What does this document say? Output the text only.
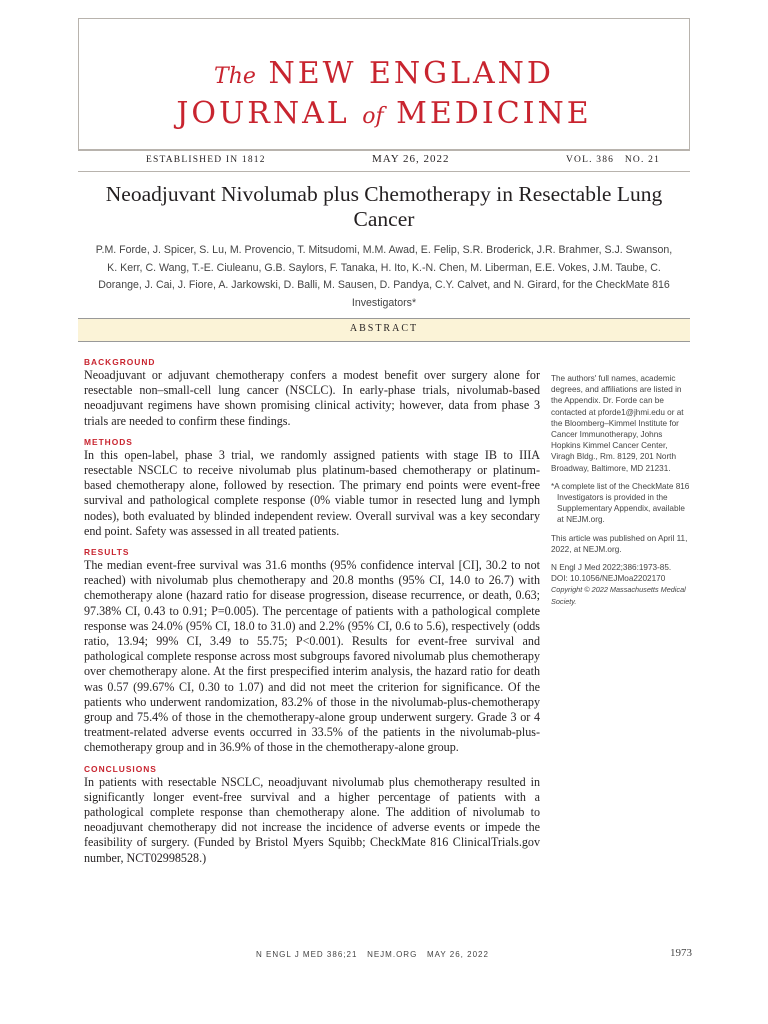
The NEW ENGLAND
JOURNAL of MEDICINE
ESTABLISHED IN 1812	MAY 26, 2022	VOL. 386   NO. 21
Neoadjuvant Nivolumab plus Chemotherapy in Resectable Lung Cancer
P.M. Forde, J. Spicer, S. Lu, M. Provencio, T. Mitsudomi, M.M. Awad, E. Felip, S.R. Broderick, J.R. Brahmer, S.J. Swanson, K. Kerr, C. Wang, T.-E. Ciuleanu, G.B. Saylors, F. Tanaka, H. Ito, K.-N. Chen, M. Liberman, E.E. Vokes, J.M. Taube, C. Dorange, J. Cai, J. Fiore, A. Jarkowski, D. Balli, M. Sausen, D. Pandya, C.Y. Calvet, and N. Girard, for the CheckMate 816 Investigators*
ABSTRACT
BACKGROUND

Neoadjuvant or adjuvant chemotherapy confers a modest benefit over surgery alone for resectable non–small-cell lung cancer (NSCLC). In early-phase trials, nivolumab-based neoadjuvant regimens have shown promising clinical activity; however, data from phase 3 trials are needed to confirm these findings.

METHODS

In this open-label, phase 3 trial, we randomly assigned patients with stage IB to IIIA resectable NSCLC to receive nivolumab plus platinum-based chemotherapy or platinum-based chemotherapy alone, followed by resection. The primary end points were event-free survival and pathological complete response (0% viable tumor in resected lung and lymph nodes), both evaluated by blinded independent review. Overall survival was a key secondary end point. Safety was assessed in all treated patients.

RESULTS

The median event-free survival was 31.6 months (95% confidence interval [CI], 30.2 to not reached) with nivolumab plus chemotherapy and 20.8 months (95% CI, 14.0 to 26.7) with chemotherapy alone (hazard ratio for disease progression, disease recurrence, or death, 0.63; 97.38% CI, 0.43 to 0.91; P=0.005). The percentage of patients with a pathological complete response was 24.0% (95% CI, 18.0 to 31.0) and 2.2% (95% CI, 0.6 to 5.6), respectively (odds ratio, 13.94; 99% CI, 3.49 to 55.75; P<0.001). Results for event-free survival and pathological complete response across most subgroups favored nivolumab plus chemotherapy over chemotherapy alone. At the first prespecified interim analysis, the hazard ratio for death was 0.57 (99.67% CI, 0.30 to 1.07) and did not meet the criterion for significance. Of the patients who underwent randomization, 83.2% of those in the nivolumab-plus-chemotherapy group and 75.4% of those in the chemotherapy-alone group underwent surgery. Grade 3 or 4 treatment-related adverse events occurred in 33.5% of the patients in the nivolumab-plus-chemotherapy group and in 36.9% of those in the chemotherapy-alone group.

CONCLUSIONS

In patients with resectable NSCLC, neoadjuvant nivolumab plus chemotherapy resulted in significantly longer event-free survival and a higher percentage of patients with a pathological complete response than chemotherapy alone. The addition of nivolumab to neoadjuvant chemotherapy did not increase the incidence of adverse events or impede the feasibility of surgery. (Funded by Bristol Myers Squibb; CheckMate 816 ClinicalTrials.gov number, NCT02998528.)

The authors' full names, academic degrees, and affiliations are listed in the Appendix. Dr. Forde can be contacted at pforde1@jhmi.edu or at the Bloomberg–Kimmel Institute for Cancer Immunotherapy, Johns Hopkins Kimmel Cancer Center, Viragh Bldg., Rm. 8129, 201 North Broadway, Baltimore, MD 21231.

*A complete list of the CheckMate 816 Investigators is provided in the Supplementary Appendix, available at NEJM.org.

This article was published on April 11, 2022, at NEJM.org.

N Engl J Med 2022;386:1973-85.

DOI: 10.1056/NEJMoa2202170

Copyright © 2022 Massachusetts Medical Society.

N ENGL J MED 386;21   NEJM.ORG   MAY 26, 2022	1973
